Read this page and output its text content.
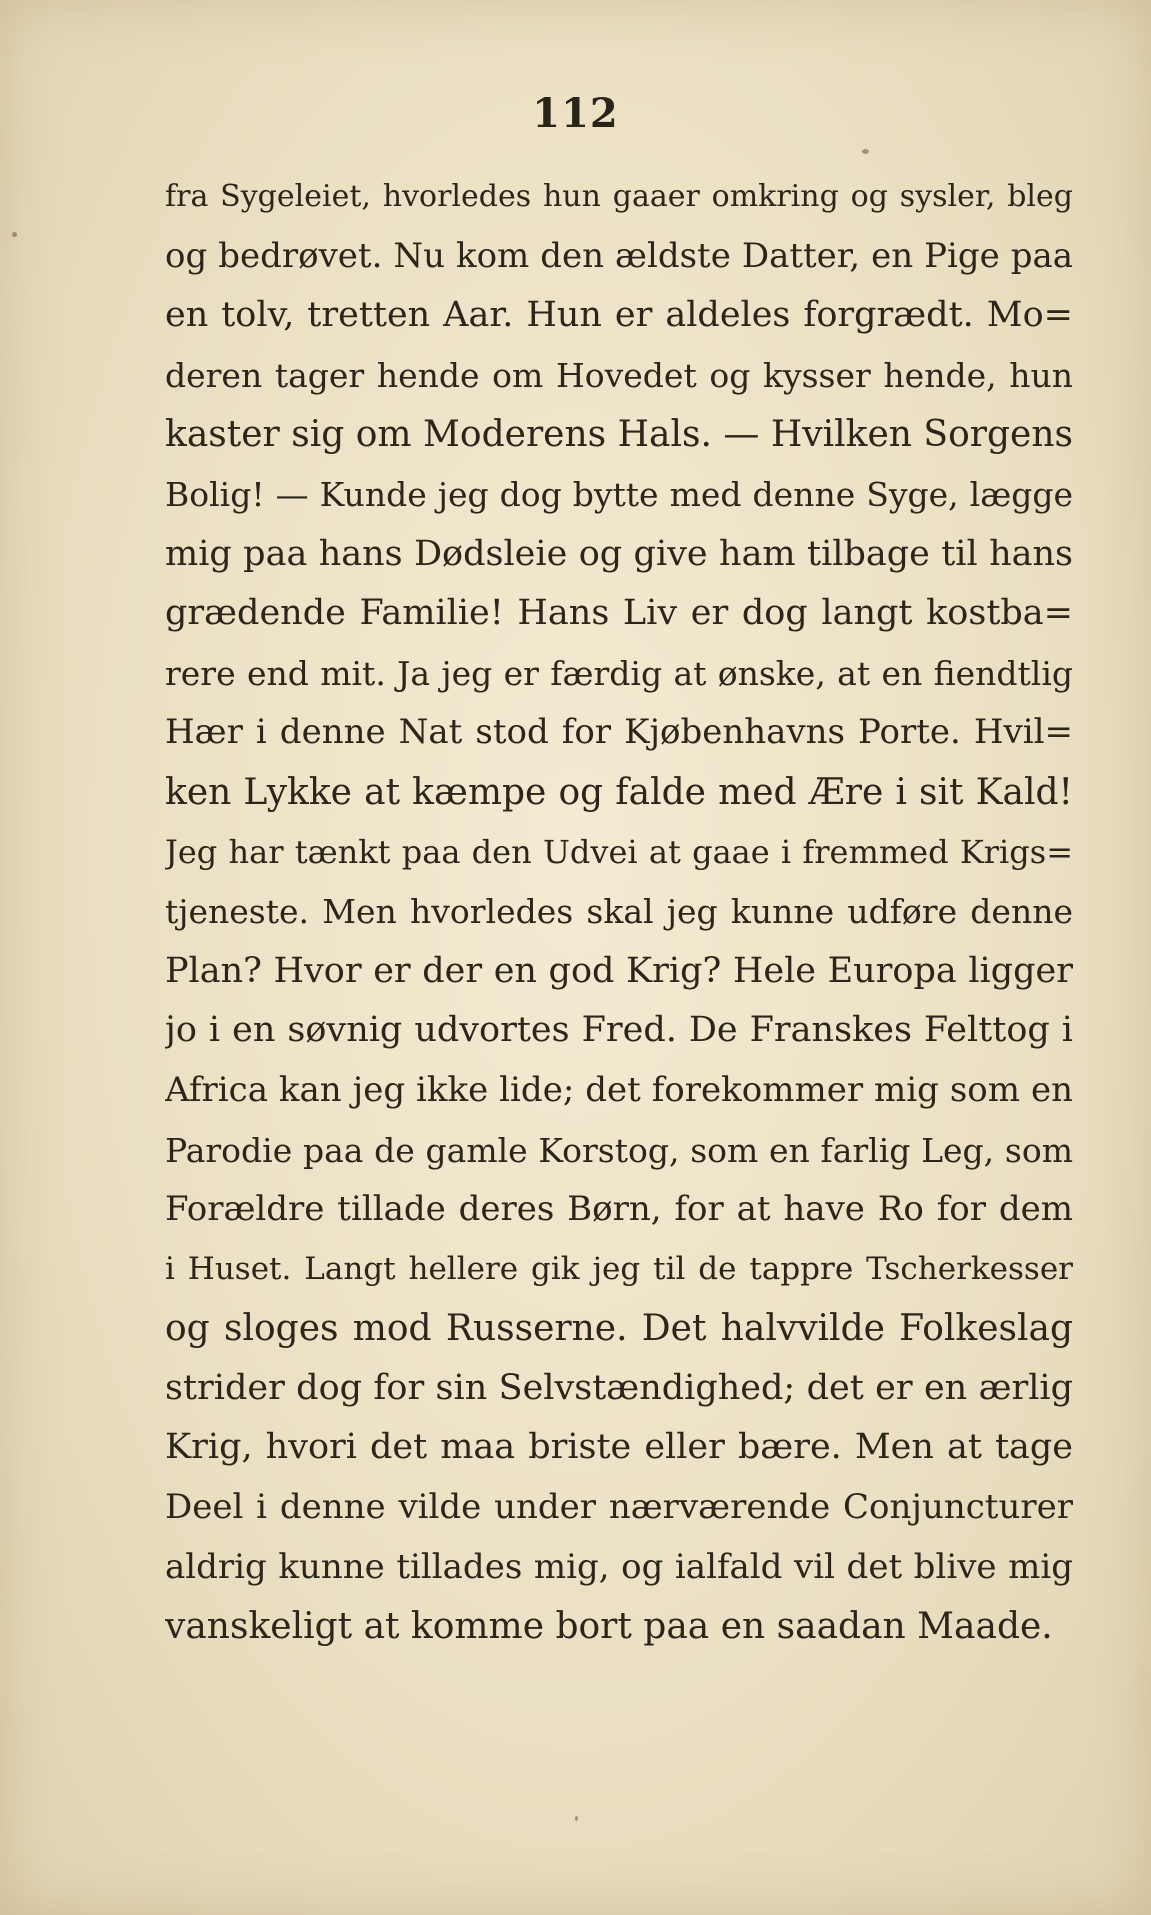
112
fra Sygeleiet, hvorledes hun gaaer omkring og sysler, bleg
og bedrøvet. Nu kom den ældste Datter, en Pige paa
en tolv, tretten Aar. Hun er aldeles forgrædt. Mo=
deren tager hende om Hovedet og kysser hende, hun
kaster sig om Moderens Hals. — Hvilken Sorgens
Bolig! — Kunde jeg dog bytte med denne Syge, lægge
mig paa hans Dødsleie og give ham tilbage til hans
grædende Familie! Hans Liv er dog langt kostba=
rere end mit. Ja jeg er færdig at ønske, at en fiendtlig
Hær i denne Nat stod for Kjøbenhavns Porte. Hvil=
ken Lykke at kæmpe og falde med Ære i sit Kald!
Jeg har tænkt paa den Udvei at gaae i fremmed Krigs=
tjeneste. Men hvorledes skal jeg kunne udføre denne
Plan? Hvor er der en god Krig? Hele Europa ligger
jo i en søvnig udvortes Fred. De Franskes Felttog i
Africa kan jeg ikke lide; det forekommer mig som en
Parodie paa de gamle Korstog, som en farlig Leg, som
Forældre tillade deres Børn, for at have Ro for dem
i Huset. Langt hellere gik jeg til de tappre Tscherkesser
og sloges mod Russerne. Det halvvilde Folkeslag
strider dog for sin Selvstændighed; det er en ærlig
Krig, hvori det maa briste eller bære. Men at tage
Deel i denne vilde under nærværende Conjuncturer
aldrig kunne tillades mig, og ialfald vil det blive mig
vanskeligt at komme bort paa en saadan Maade.
